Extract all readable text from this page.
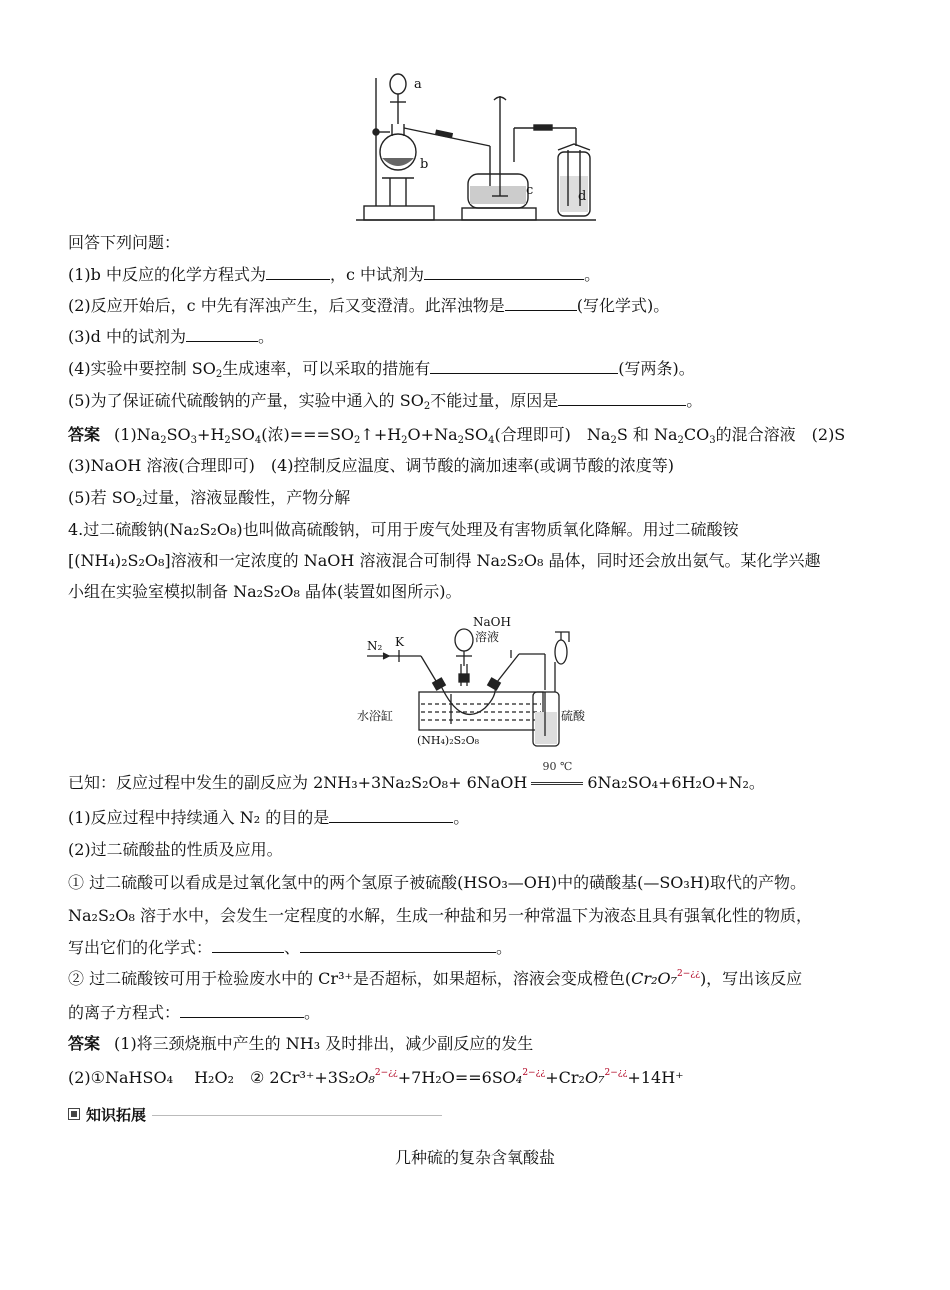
a
b
c	d
回答下列问题：
(1)b 中反应的化学方程式为	，c 中试剂为	。
(2)反应开始后，c 中先有浑浊产生，后又变澄清。此浑浊物是	(写化学式)。
(3)d 中的试剂为	。
(4)实验中要控制 $SO_2$生成速率，可以采取的措施有	(写两条)。
(5)为了保证硫代硫酸钠的产量，实验中通入的 $SO_2$不能过量，原因是	。
答案 $(1)Na_2SO_3+H_2SO_4$(浓)$===SO_2↑+H_2O+Na_2SO_4$(合理即可)　$Na_2S$ 和 $Na_2CO_3$的混合溶液　(2)S
(3)NaOH 溶液(合理即可)　(4)控制反应温度、调节酸的滴加速率(或调节酸的浓度等)
(5)若 $SO_2$过量，溶液显酸性，产物分解
4.过二硫酸钠(Na₂S₂O₈)也叫做高硫酸钠，可用于废气处理及有害物质氧化降解。用过二硫酸铵
[(NH₄)₂S₂O₈]溶液和一定浓度的 NaOH 溶液混合可制得 Na₂S₂O₈ 晶体，同时还会放出氨气。某化学兴趣
小组在实验室模拟制备 Na₂S₂O₈ 晶体(装置如图所示)。
N₂ K
NaOH
溶液
水浴缸
(NH₄)₂S₂O₈
硫酸
已知：反应过程中发生的副反应为 2NH₃+3Na₂S₂O₈+ 6NaOH
90 ℃
6Na₂SO₄+6H₂O+N₂。
(1)反应过程中持续通入 N₂ 的目的是	。
(2)过二硫酸盐的性质及应用。
① 过二硫酸可以看成是过氧化氢中的两个氢原子被硫酸(HSO₃—OH)中的磺酸基(—SO₃H)取代的产物。
Na₂S₂O₈ 溶于水中，会发生一定程度的水解，生成一种盐和另一种常温下为液态且具有强氧化性的物质，
写出它们的化学式：	、	。
② 过二硫酸铵可用于检验废水中的 Cr³⁺是否超标，如果超标，溶液会变成橙色(Cr₂O₇$^{2-¿¿}$)，写出该反应
的离子方程式：	。
答案 (1)将三颈烧瓶中产生的 NH₃ 及时排出，减少副反应的发生
(2)①NaHSO₄　 H₂O₂　② 2Cr³⁺+3S₂O₈$^{2-¿¿}$+7H₂O==6SO₄$^{2-¿¿}$+Cr₂O₇$^{2-¿¿}$+14H⁺
知识拓展
几种硫的复杂含氧酸盐
